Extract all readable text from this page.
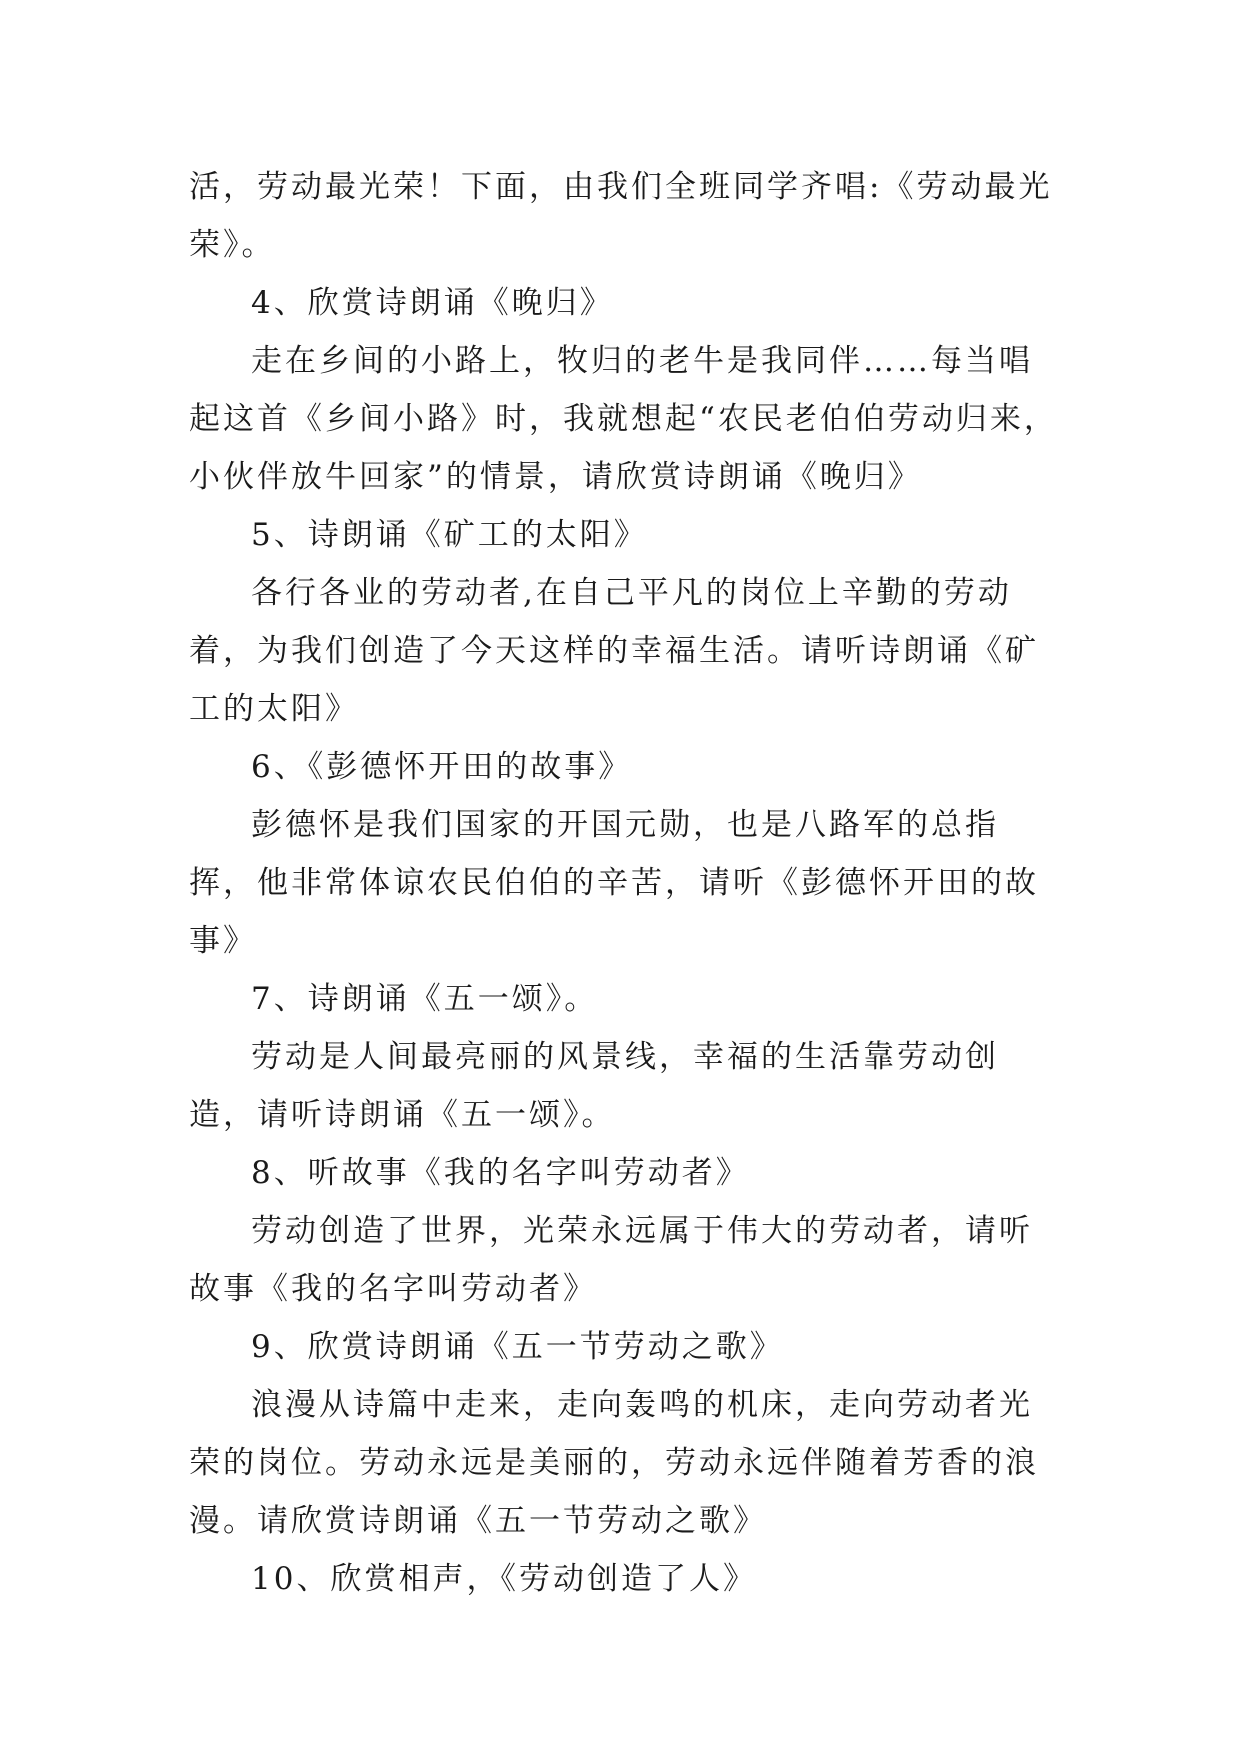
活，劳动最光荣！下面，由我们全班同学齐唱:《劳动最光荣》。

4、欣赏诗朗诵《晚归》

走在乡间的小路上，牧归的老牛是我同伴……每当唱起这首《乡间小路》时，我就想起“农民老伯伯劳动归来，小伙伴放牛回家”的情景，请欣赏诗朗诵《晚归》

5、诗朗诵《矿工的太阳》

各行各业的劳动者,在自己平凡的岗位上辛勤的劳动着，为我们创造了今天这样的幸福生活。请听诗朗诵《矿工的太阳》

6、《彭德怀开田的故事》

彭德怀是我们国家的开国元勋，也是八路军的总指挥，他非常体谅农民伯伯的辛苦，请听《彭德怀开田的故事》

7、诗朗诵《五一颂》。

劳动是人间最亮丽的风景线，幸福的生活靠劳动创造，请听诗朗诵《五一颂》。

8、听故事《我的名字叫劳动者》

劳动创造了世界，光荣永远属于伟大的劳动者，请听故事《我的名字叫劳动者》

9、欣赏诗朗诵《五一节劳动之歌》

浪漫从诗篇中走来，走向轰鸣的机床，走向劳动者光荣的岗位。劳动永远是美丽的，劳动永远伴随着芳香的浪漫。请欣赏诗朗诵《五一节劳动之歌》

10、欣赏相声，《劳动创造了人》
